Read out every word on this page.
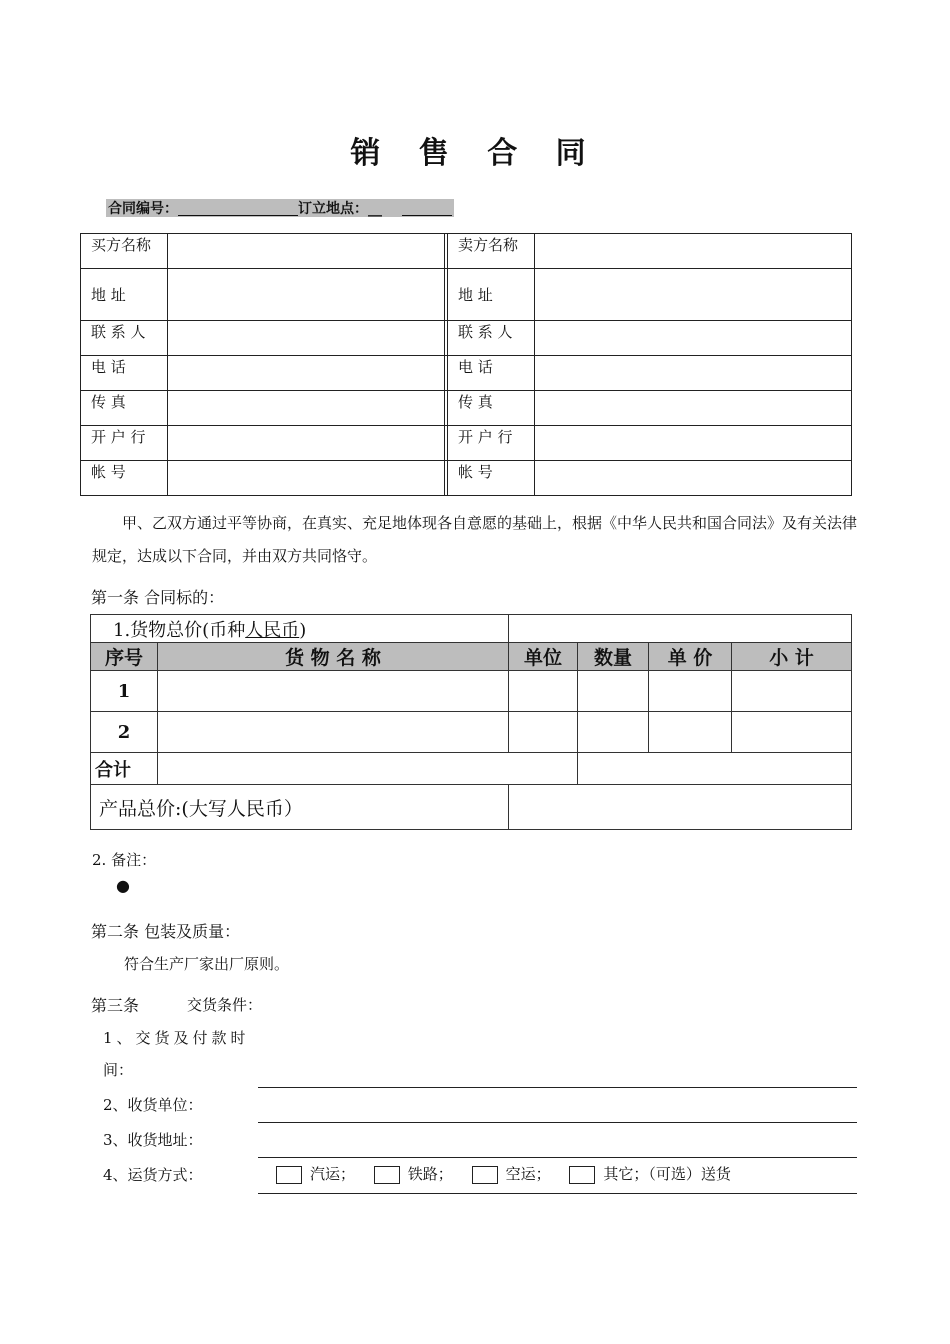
销 售 合 同
合同编号：	订立地点：__
买方名称			卖方名称	
地 址			地 址	
联 系 人			联 系 人	
电 话			电 话	
传 真			传 真	
开 户 行			开 户 行	
帐 号			帐 号	
甲、乙双方通过平等协商，在真实、充足地体现各自意愿的基础上，根据《中华人民共和国合同法》及有关法律规定，达成以下合同，并由双方共同恪守。
第一条 合同标的：
1.货物总价(币种人民币)					
序号	货 物 名 称	单位	数量	单 价	小 计
1					
2					
合计					
产品总价:(大写人民币）					
2. 备注：
●
第二条 包装及质量：
符合生产厂家出厂原则。
第三条	交货条件：
1、交货及付款时
间：
2、收货单位：
3、收货地址：
4、运货方式：	汽运；	铁路；	空运；	其它；（可选）送货
